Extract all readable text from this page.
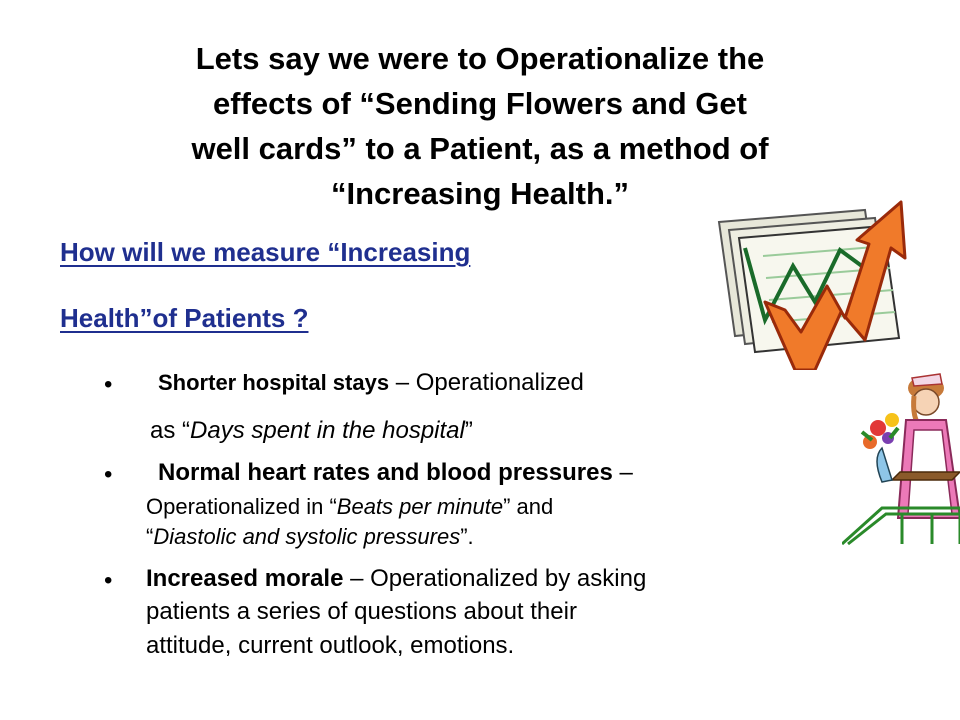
Lets say we were to Operationalize the
effects of “Sending Flowers and Get
well cards” to a Patient, as a method of
“Increasing Health.”
How will we measure “Increasing
Health”of Patients ?
• Shorter hospital stays – Operationalized
as “Days spent in the hospital”
• Normal heart rates and blood pressures –
Operationalized in “Beats per minute” and
“Diastolic and systolic pressures”.
• Increased morale – Operationalized by asking
patients a series of questions about their
attitude, current outlook, emotions.
